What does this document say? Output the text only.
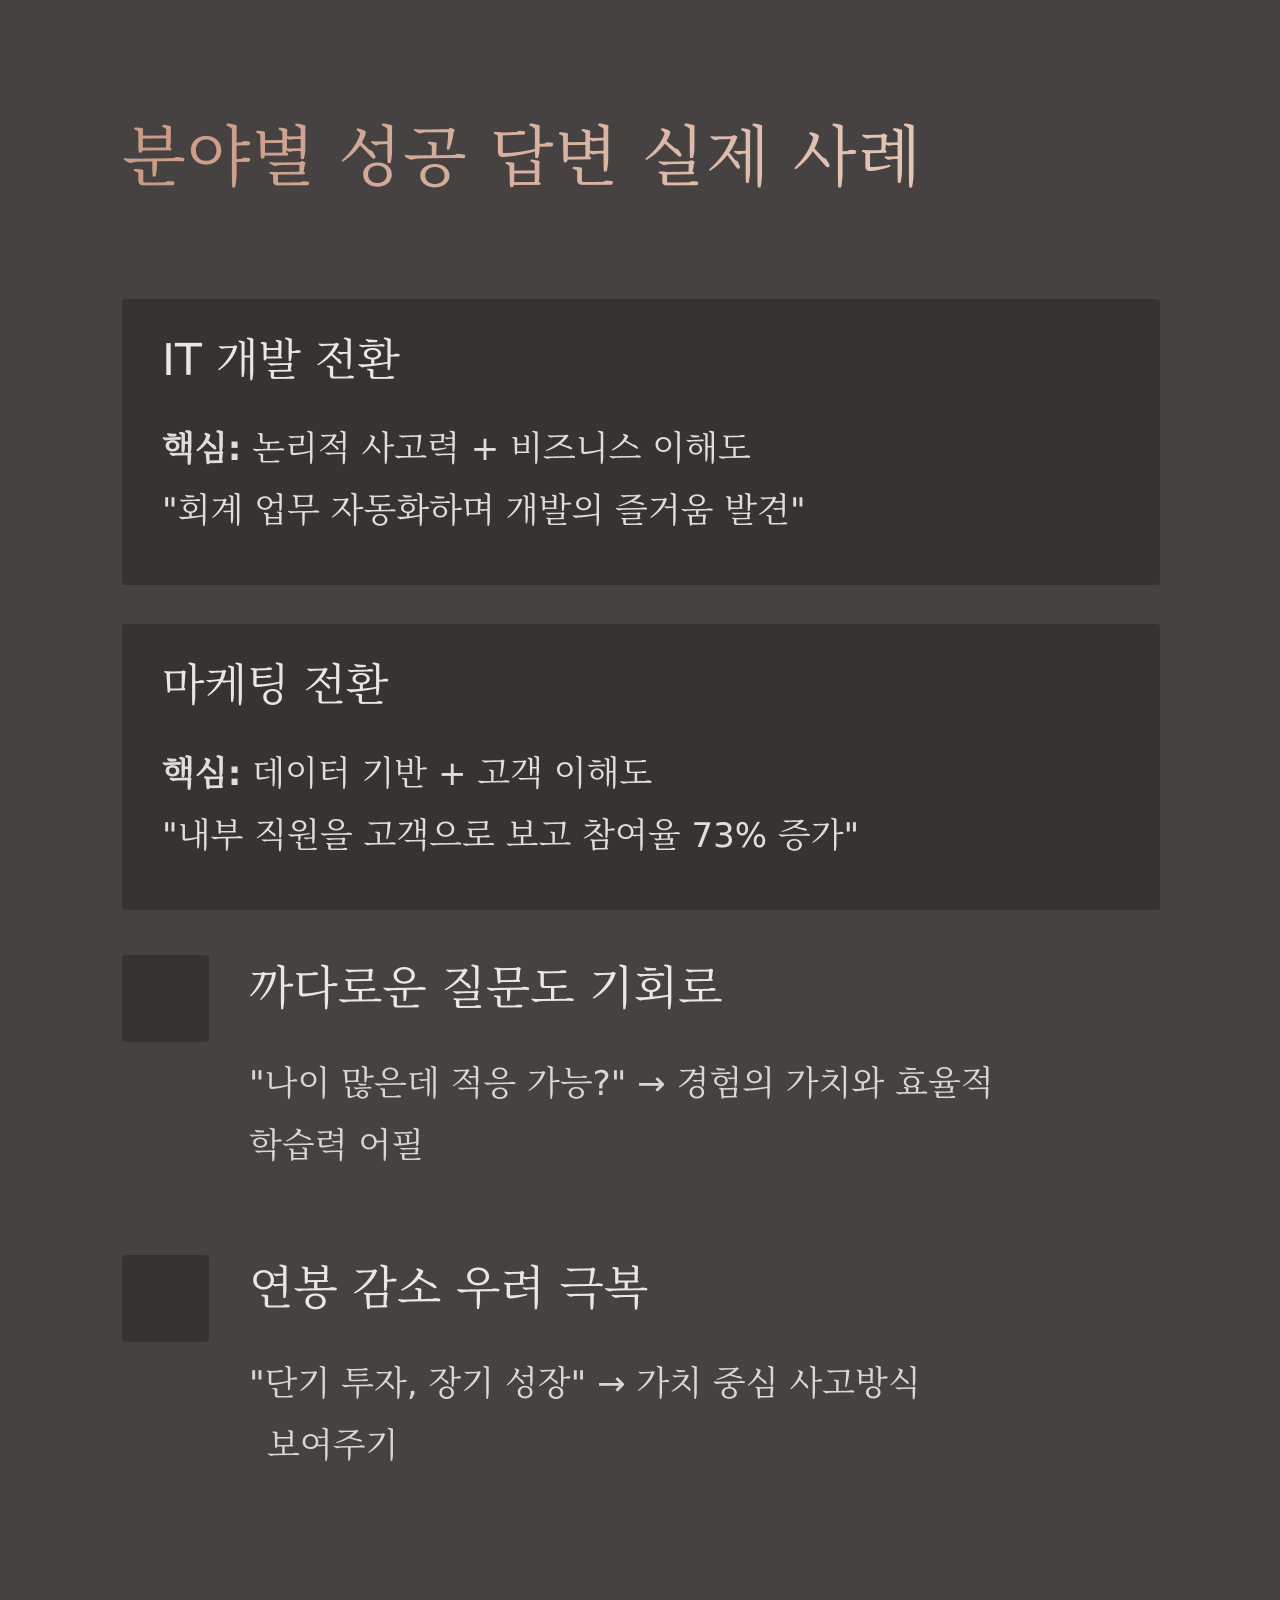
분야별 성공 답변 실제 사례
IT 개발 전환

핵심: 논리적 사고력 + 비즈니스 이해도

"회계 업무 자동화하며 개발의 즐거움 발견"

마케팅 전환

핵심: 데이터 기반 + 고객 이해도

"내부 직원을 고객으로 보고 참여율 73% 증가"

까다로운 질문도 기회로

"나이 많은데 적응 가능?" → 경험의 가치와 효율적
학습력 어필

연봉 감소 우려 극복

"단기 투자, 장기 성장" → 가치 중심 사고방식
보여주기
